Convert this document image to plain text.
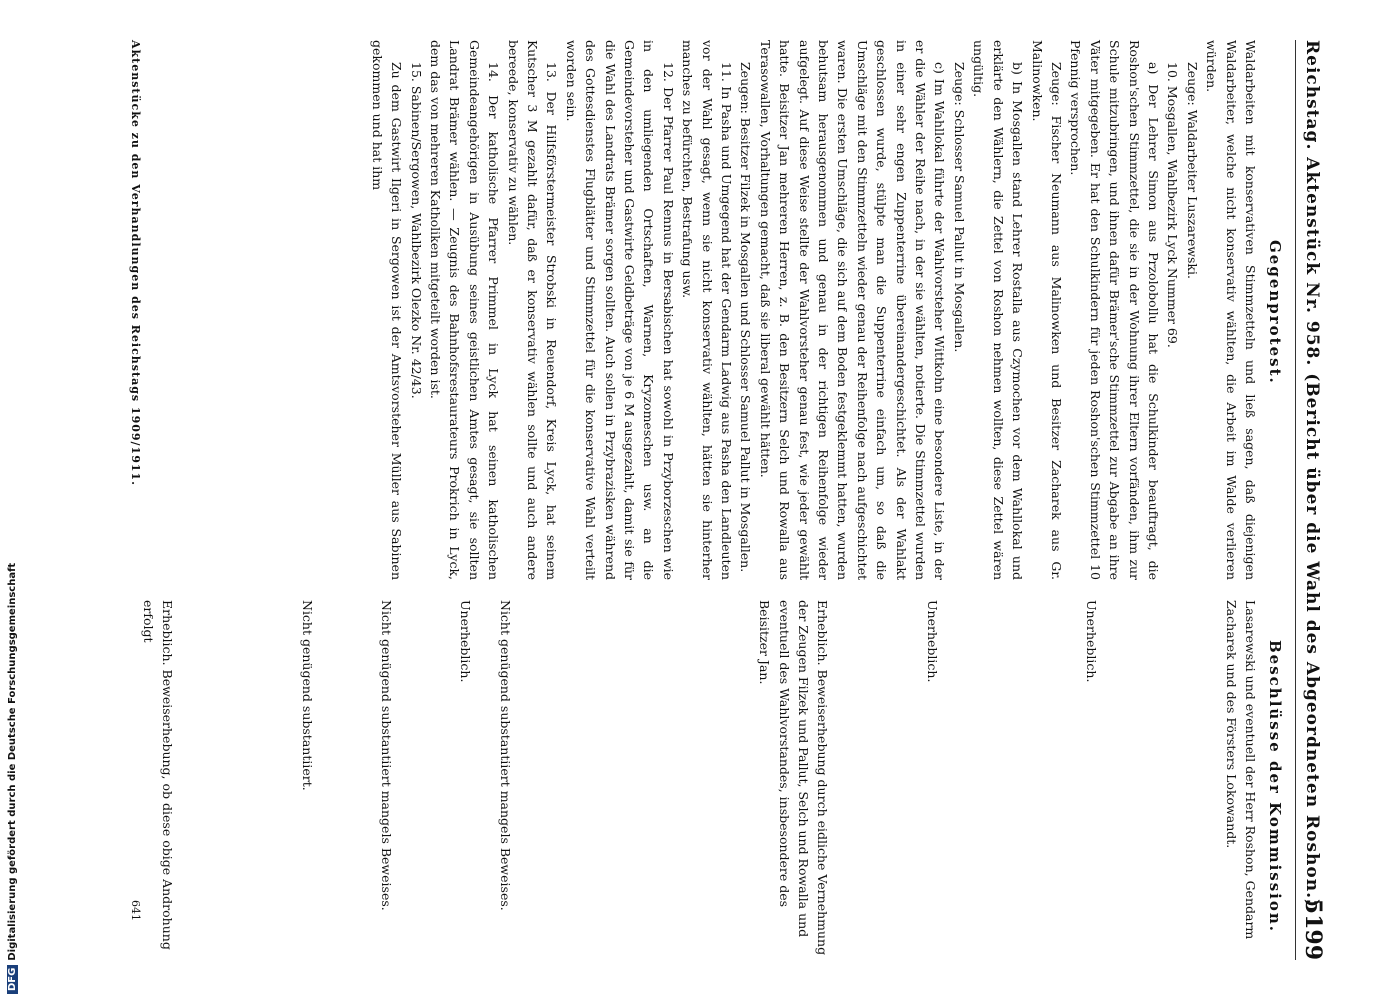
Reichstag. Aktenstück Nr. 958. (Bericht über die Wahl des Abgeordneten Roshon.)
5199
Gegenprotest.
Beschlüsse der Kommission.

Waldarbeiten mit konservativen Stimmzetteln und ließ sagen, daß diejenigen Waldarbeiter, welche nicht konservativ wählten, die Arbeit im Walde verlieren würden.

Zeuge: Waldarbeiter Luszarewski.

10. Mosgallen, Wahlbezirk Lyck Nummer 69.

a) Der Lehrer Simon aus Przolobollu hat die Schulkinder beauftragt, die Roshon'schen Stimmzettel, die sie in der Wohnung ihrer Eltern vorfänden, ihm zur Schule mitzubringen, und ihnen dafür Brämer'sche Stimmzettel zur Abgabe an ihre Väter mitgegeben. Er hat den Schulkindern für jeden Roshon'schen Stimmzettel 10 Pfennig versprochen.

Zeuge: Fischer Neumann aus Malinowken und Besitzer Zacharek aus Gr. Malinowken.

b) In Mosgallen stand Lehrer Rostalla aus Czymochen vor dem Wahllokal und erklärte den Wählern, die Zettel von Roshon nehmen wollten, diese Zettel wären ungültig.

Zeuge: Schlosser Samuel Pallut in Mosgallen.

c) Im Wahllokal führte der Wahlvorsteher Wittkohn eine besondere Liste, in der er die Wähler der Reihe nach, in der sie wählten, notierte. Die Stimmzettel wurden in einer sehr engen Zuppenterrine übereinandergeschichtet. Als der Wahlakt geschlossen wurde, stülpte man die Suppenterrine einfach um, so daß die Umschläge mit den Stimmzetteln wieder genau der Reihenfolge nach aufgeschichtet waren. Die ersten Umschläge, die sich auf dem Boden festgeklemmt hatten, wurden behutsam herausgenommen und genau in der richtigen Reihenfolge wieder aufgelegt. Auf diese Weise stellte der Wahlvorsteher genau fest, wie jeder gewählt hatte. Beisitzer Jan mehreren Herren, z. B. den Besitzern Selch und Rowalla aus Terasowallen, Vorhaltungen gemacht, daß sie liberal gewählt hätten.

Zeugen: Besitzer Filzek in Mosgallen und Schlosser Samuel Pallut in Mosgallen.

11. In Pasha und Umgegend hat der Gendarm Ladwig aus Pasha den Landleuten vor der Wahl gesagt, wenn sie nicht konservativ wählten, hätten sie hinterher manches zu befürchten, Bestrafung usw.

12. Der Pfarrer Paul Rennus in Bersabischen hat sowohl in Przyborzeschen wie in den umliegenden Ortschaften, Warnen, Kryzomeschen usw. an die Gemeindevorsteher und Gastwirte Geldbeträge von je 6 M ausgezahlt, damit sie für die Wahl des Landrats Brämer sorgen sollten. Auch sollen in Przybrazisken während des Gottesdienstes Flugblätter und Stimmzettel für die konservative Wahl verteilt worden sein.

13. Der Hilfsförstermeister Strobski in Reuendorf, Kreis Lyck, hat seinem Kutscher 3 M gezahlt dafür, daß er konservativ wählen sollte und auch andere bereede, konservativ zu wählen.

14. Der katholische Pfarrer Primmel in Lyck hat seinen katholischen Gemeindeangehörigen in Ausübung seines geistlichen Amtes gesagt, sie sollten Landrat Brämer wählen. — Zeugnis des Bahnhofsrestaurateurs Prokrich in Lyck, dem das von mehreren Katholiken mitgeteilt worden ist.

15. Sabinen/Sergowen, Wahlbezirk Olezko Nr. 42/43.

Zu dem Gastwirt Ilgeri in Sergowen ist der Amtsvorsteher Müller aus Sabinen gekommen und hat ihm

Lasarewski und eventuell der Herr Roshon, Gendarm Zacharek und des Försters Lokowandt.

Unerheblich.

Unerheblich.

Erheblich. Beweiserhebung durch eidliche Vernehmung der Zeugen Filzek und Pallut, Selch und Rowalla und eventuell des Wahlvorstandes, insbesondere des Beisitzer Jan.

Nicht genügend substantiiert mangels Beweises.

Unerheblich.

Nicht genügend substantiiert mangels Beweises.

Nicht genügend substantiiert.

Erheblich. Beweiserhebung, ob diese obige Androhung erfolgt

Aktenstücke zu den Verhandlungen des Reichstags 1909/1911.
641
DFGDigitalisierung gefördert durch die Deutsche Forschungsgemeinschaft
